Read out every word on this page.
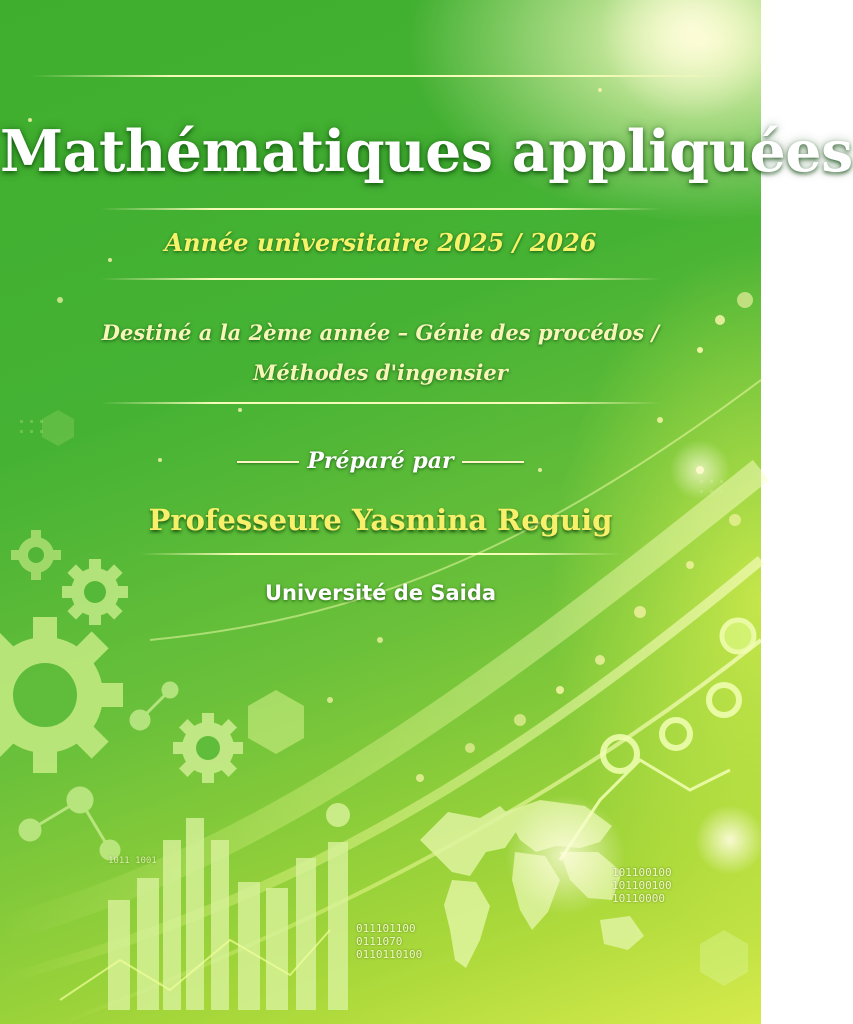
Mathématiques appliquées
Année universitaire 2025 / 2026
Destiné a la 2ème année – Génie des procédos /
Méthodes d'ingensier
Préparé par
Professeure Yasmina Reguig
Université de Saida
011101100
0111070
0110110100
101100100
101100100
10110000
1011 1001
